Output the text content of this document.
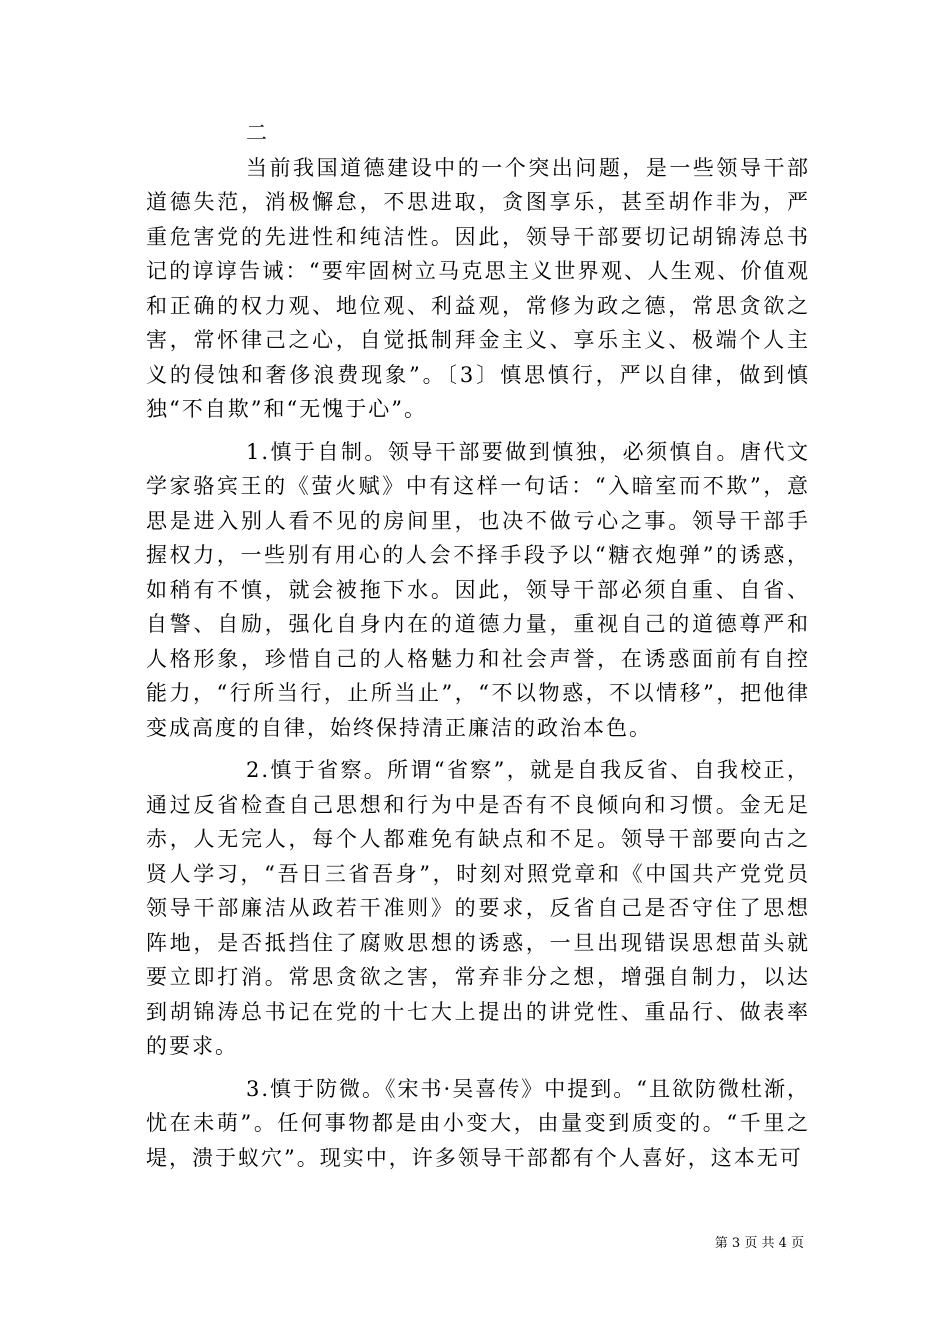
二

当前我国道德建设中的一个突出问题，是一些领导干部道德失范，消极懈怠，不思进取，贪图享乐，甚至胡作非为，严重危害党的先进性和纯洁性。因此，领导干部要切记胡锦涛总书记的谆谆告诫：“要牢固树立马克思主义世界观、人生观、价值观和正确的权力观、地位观、利益观，常修为政之德，常思贪欲之害，常怀律己之心，自觉抵制拜金主义、享乐主义、极端个人主义的侵蚀和奢侈浪费现象”。〔3〕慎思慎行，严以自律，做到慎独“不自欺”和“无愧于心”。

1.慎于自制。领导干部要做到慎独，必须慎自。唐代文学家骆宾王的《萤火赋》中有这样一句话：“入暗室而不欺”，意思是进入别人看不见的房间里，也决不做亏心之事。领导干部手握权力，一些别有用心的人会不择手段予以“糖衣炮弹”的诱惑，如稍有不慎，就会被拖下水。因此，领导干部必须自重、自省、自警、自励，强化自身内在的道德力量，重视自己的道德尊严和人格形象，珍惜自己的人格魅力和社会声誉，在诱惑面前有自控能力，“行所当行，止所当止”，“不以物惑，不以情移”，把他律变成高度的自律，始终保持清正廉洁的政治本色。

2.慎于省察。所谓“省察”，就是自我反省、自我校正，通过反省检查自己思想和行为中是否有不良倾向和习惯。金无足赤，人无完人，每个人都难免有缺点和不足。领导干部要向古之贤人学习，“吾日三省吾身”，时刻对照党章和《中国共产党党员领导干部廉洁从政若干准则》的要求，反省自己是否守住了思想阵地，是否抵挡住了腐败思想的诱惑，一旦出现错误思想苗头就要立即打消。常思贪欲之害，常弃非分之想，增强自制力，以达到胡锦涛总书记在党的十七大上提出的讲党性、重品行、做表率的要求。

3.慎于防微。《宋书·吴喜传》中提到。“且欲防微杜渐，忧在未萌”。任何事物都是由小变大，由量变到质变的。“千里之堤，溃于蚁穴”。现实中，许多领导干部都有个人喜好，这本无可

第 3 页 共 4 页
